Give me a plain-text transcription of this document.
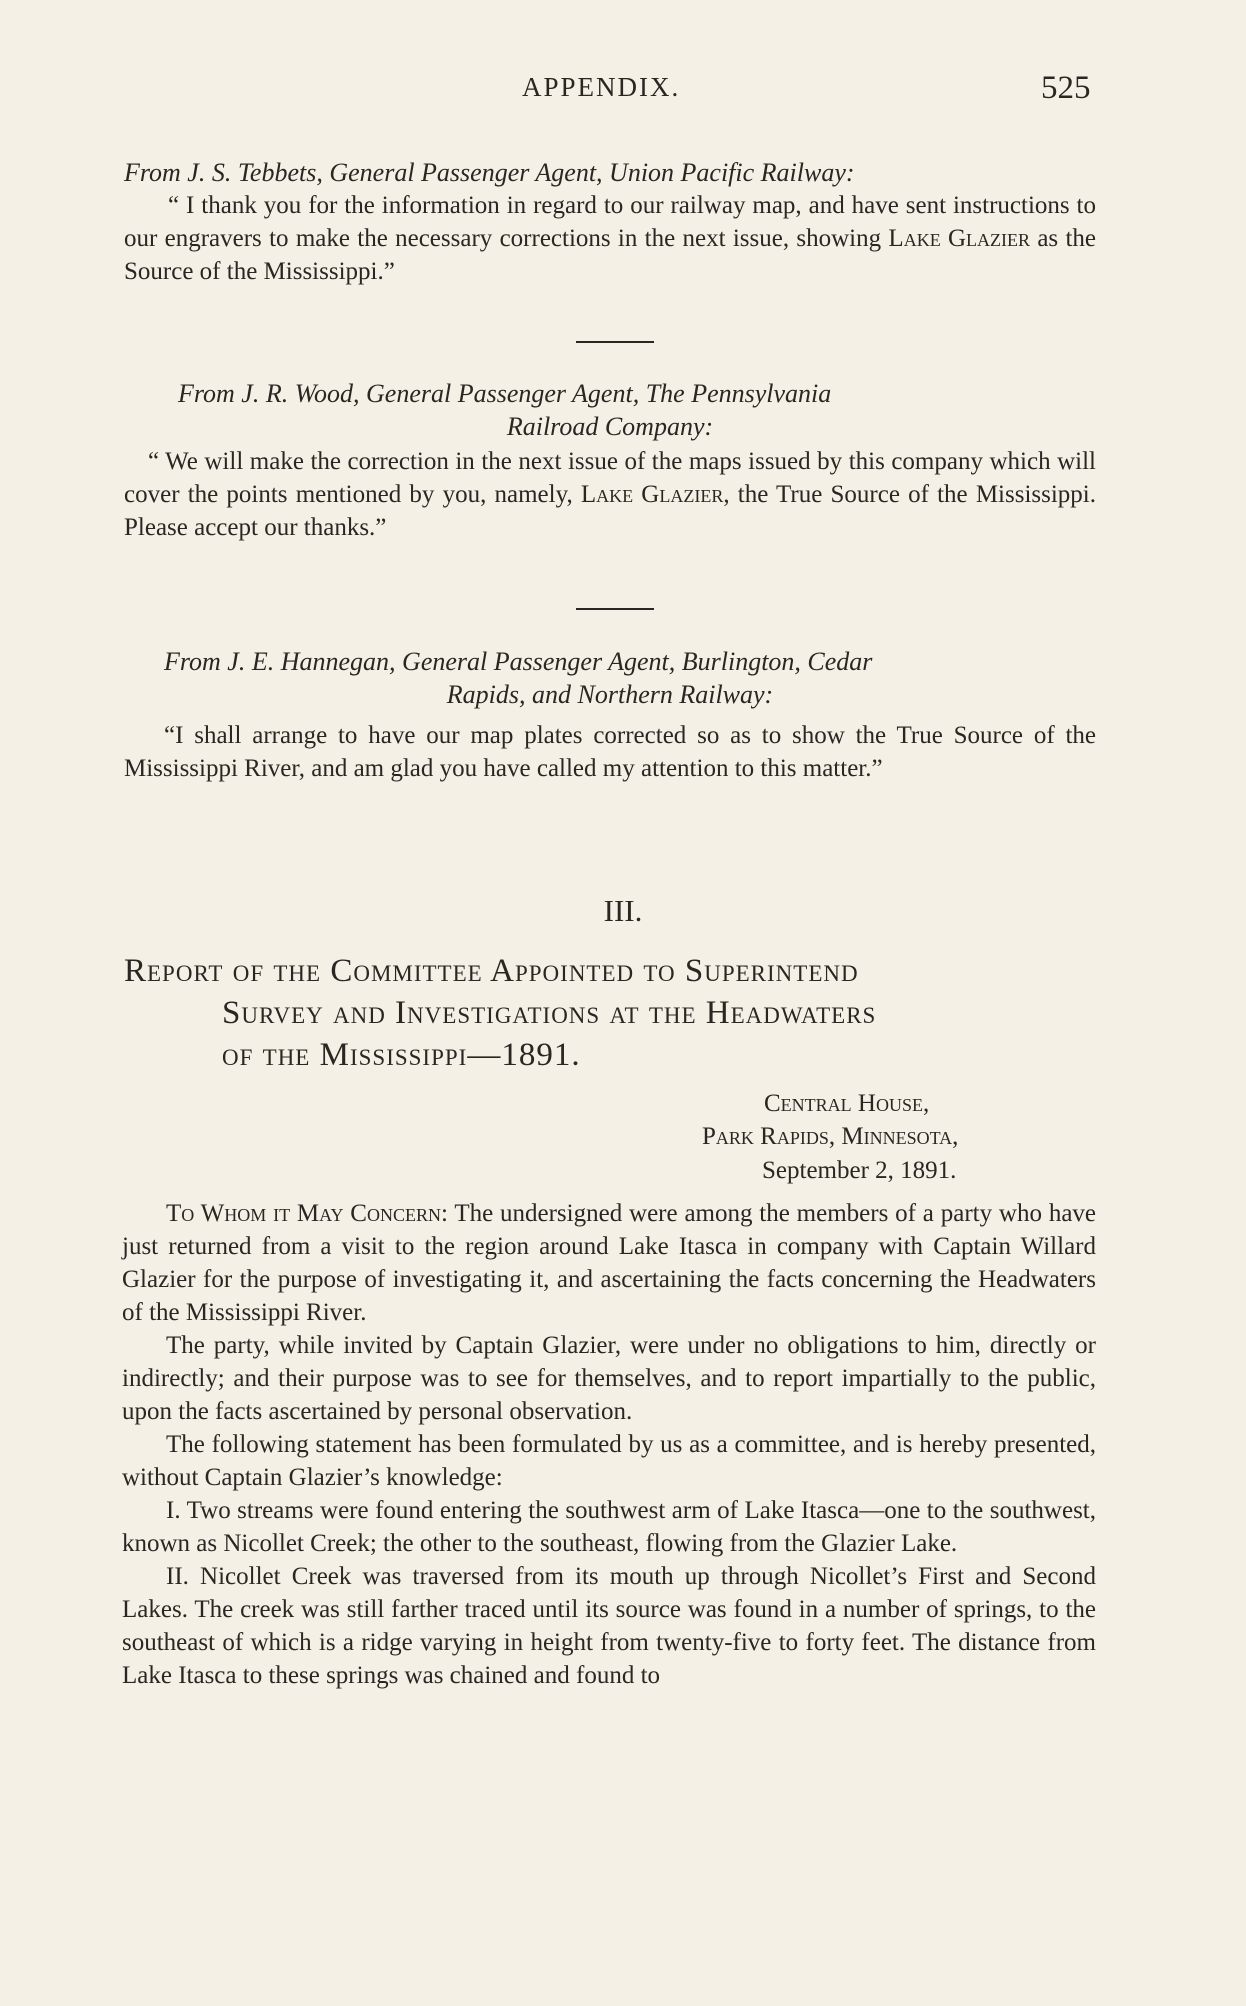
APPENDIX.	525

From J. S. Tebbets, General Passenger Agent, Union Pacific Railway:

“ I thank you for the information in regard to our railway map, and have sent instructions to our engravers to make the necessary corrections in the next issue, showing Lake Glazier as the Source of the Mississippi.”

From J. R. Wood, General Passenger Agent, The Pennsylvania

Railroad Company:

“ We will make the correction in the next issue of the maps issued by this company which will cover the points mentioned by you, namely, Lake Glazier, the True Source of the Mississippi. Please accept our thanks.”

From J. E. Hannegan, General Passenger Agent, Burlington, Cedar

Rapids, and Northern Railway:

“I shall arrange to have our map plates corrected so as to show the True Source of the Mississippi River, and am glad you have called my attention to this matter.”

III.
Report of the Committee Appointed to Superintend
Survey and Investigations at the Headwaters
of the Mississippi—1891.
Central House,
Park Rapids, Minnesota,
September 2, 1891.

To Whom it May Concern: The undersigned were among the members of a party who have just returned from a visit to the region around Lake Itasca in company with Captain Willard Glazier for the purpose of investigating it, and ascertaining the facts concerning the Headwaters of the Mississippi River.

The party, while invited by Captain Glazier, were under no obligations to him, directly or indirectly; and their purpose was to see for themselves, and to report impartially to the public, upon the facts ascertained by personal observation.

The following statement has been formulated by us as a committee, and is hereby presented, without Captain Glazier’s knowledge:

I. Two streams were found entering the southwest arm of Lake Itasca—one to the southwest, known as Nicollet Creek; the other to the southeast, flowing from the Glazier Lake.

II. Nicollet Creek was traversed from its mouth up through Nicollet’s First and Second Lakes. The creek was still farther traced until its source was found in a number of springs, to the southeast of which is a ridge varying in height from twenty-five to forty feet. The distance from Lake Itasca to these springs was chained and found to
